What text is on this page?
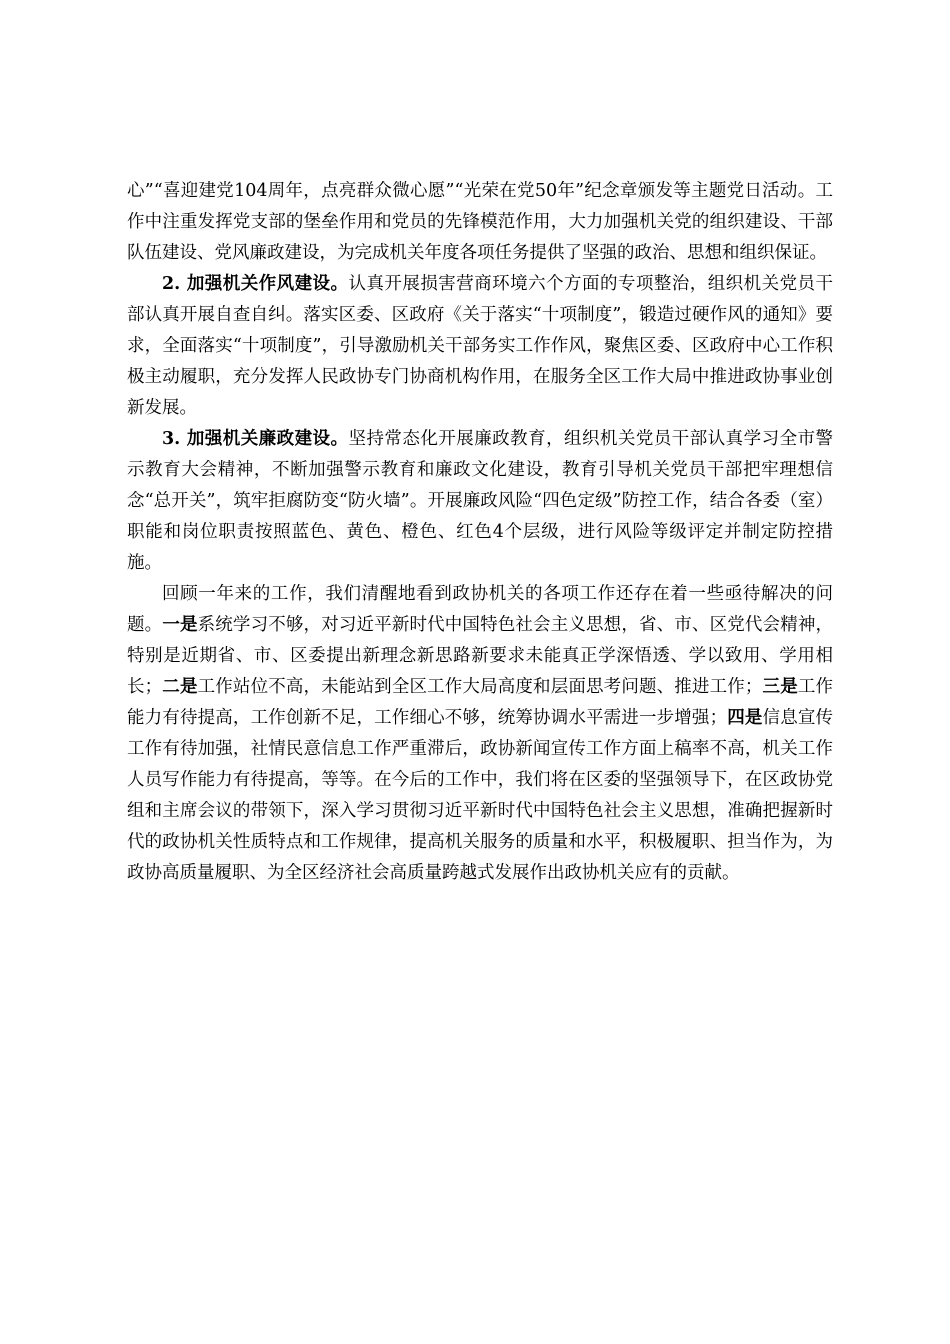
心”“喜迎建党104周年，点亮群众微心愿”“光荣在党50年”纪念章颁发等主题党日活动。工作中注重发挥党支部的堡垒作用和党员的先锋模范作用，大力加强机关党的组织建设、干部队伍建设、党风廉政建设，为完成机关年度各项任务提供了坚强的政治、思想和组织保证。

2. 加强机关作风建设。认真开展损害营商环境六个方面的专项整治，组织机关党员干部认真开展自查自纠。落实区委、区政府《关于落实“十项制度”，锻造过硬作风的通知》要求，全面落实“十项制度”，引导激励机关干部务实工作作风，聚焦区委、区政府中心工作积极主动履职，充分发挥人民政协专门协商机构作用，在服务全区工作大局中推进政协事业创新发展。

3. 加强机关廉政建设。坚持常态化开展廉政教育，组织机关党员干部认真学习全市警示教育大会精神，不断加强警示教育和廉政文化建设，教育引导机关党员干部把牢理想信念“总开关”，筑牢拒腐防变“防火墙”。开展廉政风险“四色定级”防控工作，结合各委（室）职能和岗位职责按照蓝色、黄色、橙色、红色4个层级，进行风险等级评定并制定防控措施。

回顾一年来的工作，我们清醒地看到政协机关的各项工作还存在着一些亟待解决的问题。一是系统学习不够，对习近平新时代中国特色社会主义思想，省、市、区党代会精神，特别是近期省、市、区委提出新理念新思路新要求未能真正学深悟透、学以致用、学用相长；二是工作站位不高，未能站到全区工作大局高度和层面思考问题、推进工作；三是工作能力有待提高，工作创新不足，工作细心不够，统筹协调水平需进一步增强；四是信息宣传工作有待加强，社情民意信息工作严重滞后，政协新闻宣传工作方面上稿率不高，机关工作人员写作能力有待提高，等等。在今后的工作中，我们将在区委的坚强领导下，在区政协党组和主席会议的带领下，深入学习贯彻习近平新时代中国特色社会主义思想，准确把握新时代的政协机关性质特点和工作规律，提高机关服务的质量和水平，积极履职、担当作为，为政协高质量履职、为全区经济社会高质量跨越式发展作出政协机关应有的贡献。
